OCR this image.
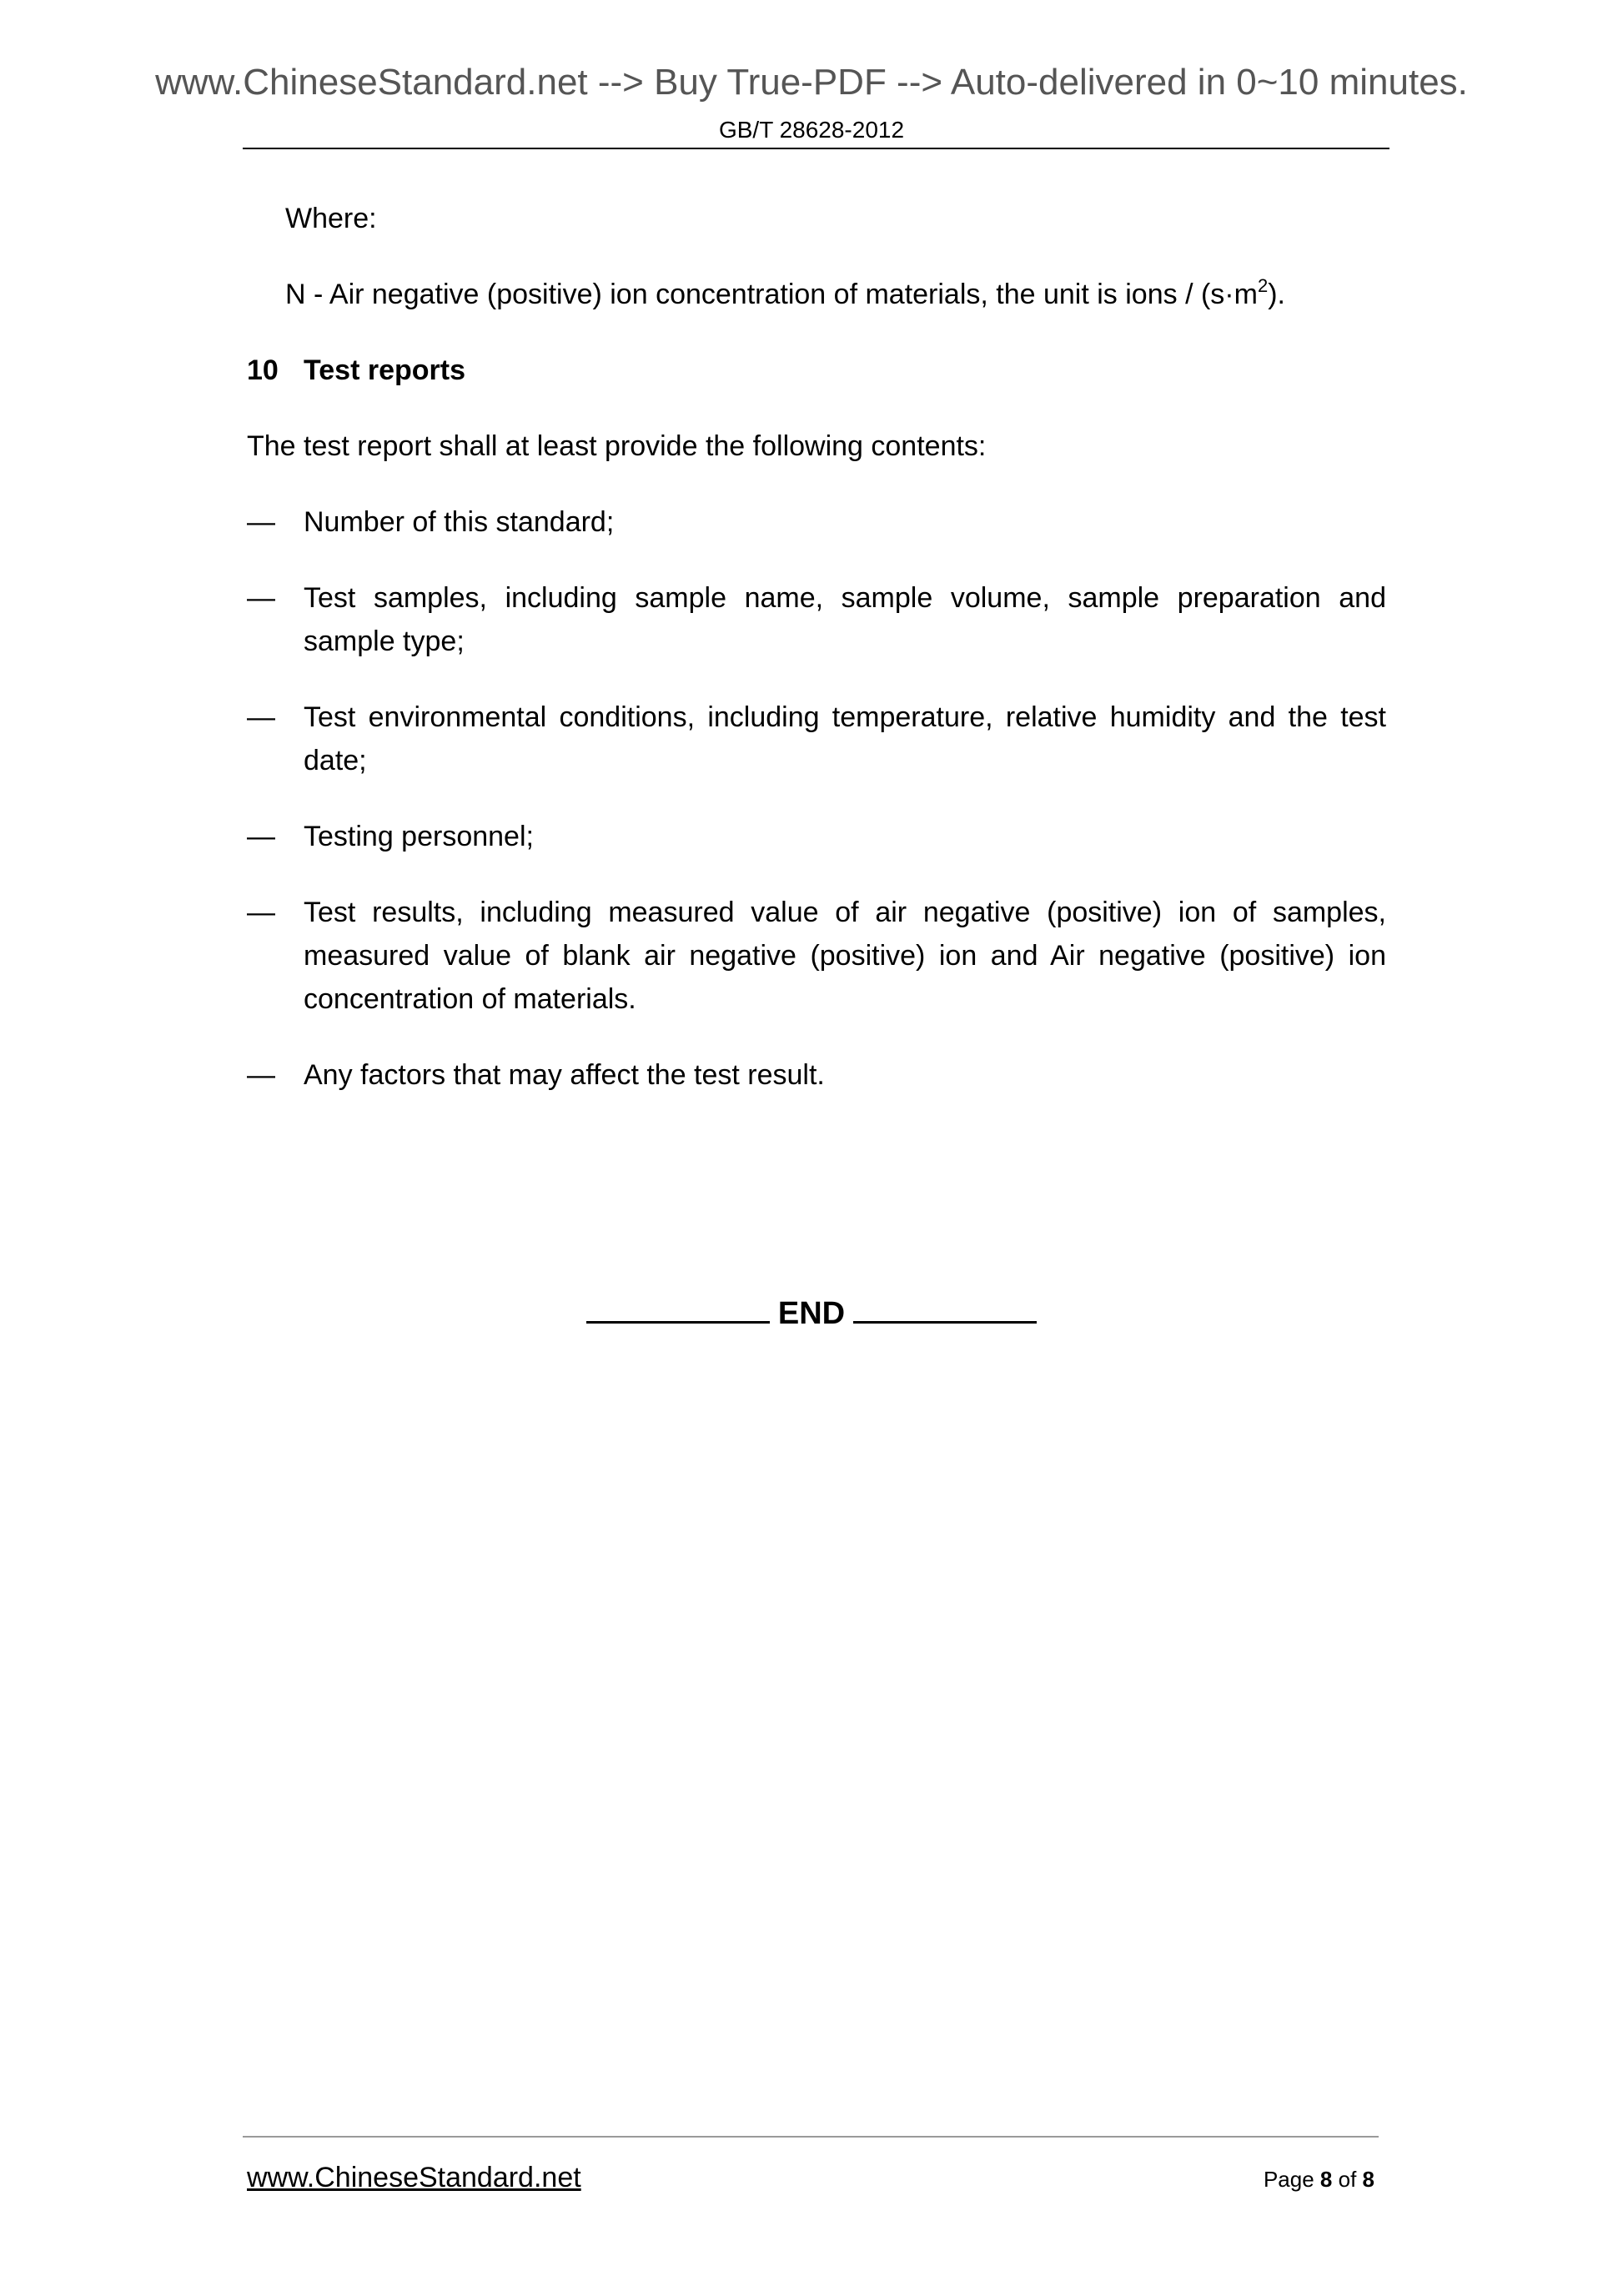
www.ChineseStandard.net --> Buy True-PDF --> Auto-delivered in 0~10 minutes.
GB/T 28628-2012

Where:

N - Air negative (positive) ion concentration of materials, the unit is ions / $(s\cdot m^2)$.

10 Test reports

The test report shall at least provide the following contents:

— Number of this standard;
— Test samples, including sample name, sample volume, sample preparation and sample type;
— Test environmental conditions, including temperature, relative humidity and the test date;
— Testing personnel;
— Test results, including measured value of air negative (positive) ion of samples, measured value of blank air negative (positive) ion and Air negative (positive) ion concentration of materials.
— Any factors that may affect the test result.
END
www.ChineseStandard.net	Page 8 of 8
